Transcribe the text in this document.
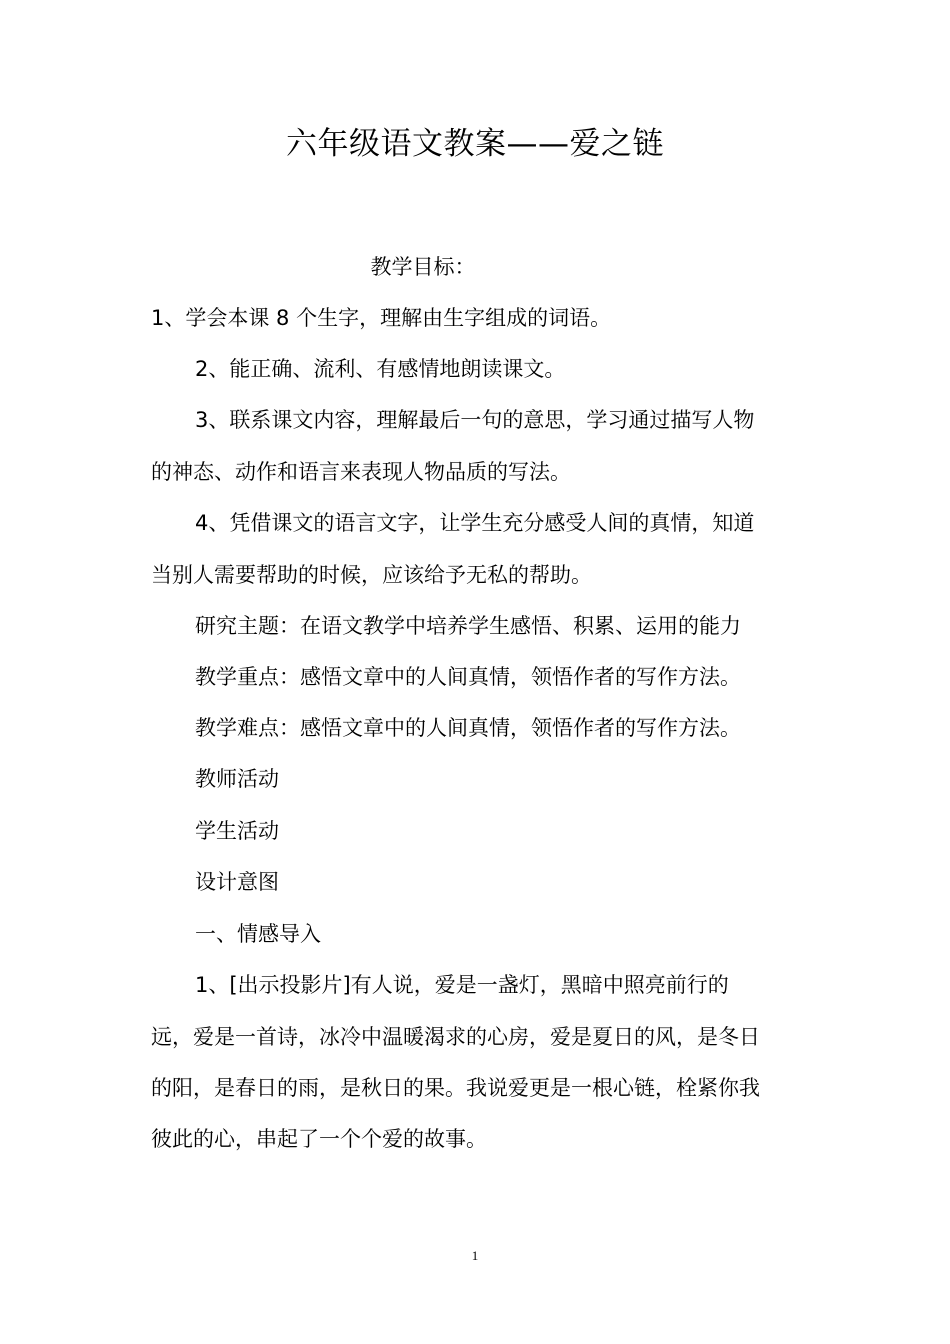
六年级语文教案——爱之链
教学目标：
1、学会本课 8 个生字，理解由生字组成的词语。
2、能正确、流利、有感情地朗读课文。
3、联系课文内容，理解最后一句的意思，学习通过描写人物
的神态、动作和语言来表现人物品质的写法。
4、凭借课文的语言文字，让学生充分感受人间的真情，知道
当别人需要帮助的时候，应该给予无私的帮助。
研究主题：在语文教学中培养学生感悟、积累、运用的能力
教学重点：感悟文章中的人间真情，领悟作者的写作方法。
教学难点：感悟文章中的人间真情，领悟作者的写作方法。
教师活动
学生活动
设计意图
一、情感导入
1、[出示投影片]有人说，爱是一盏灯，黑暗中照亮前行的
远，爱是一首诗，冰冷中温暖渴求的心房，爱是夏日的风，是冬日
的阳，是春日的雨，是秋日的果。我说爱更是一根心链，栓紧你我
彼此的心，串起了一个个爱的故事。
1
